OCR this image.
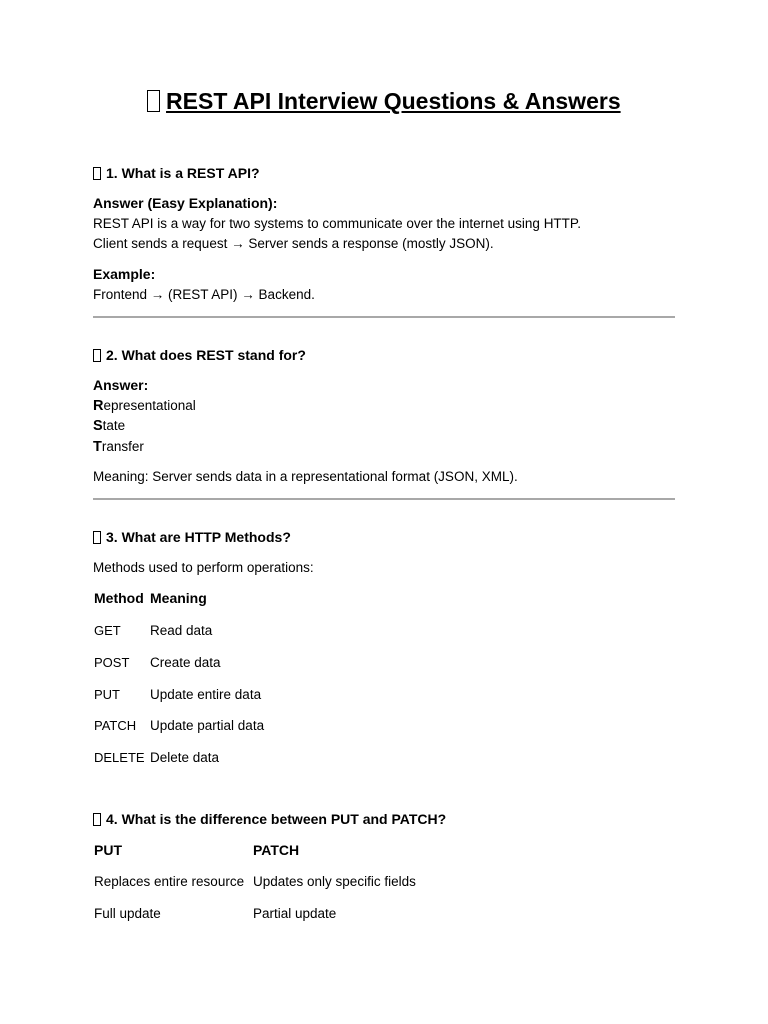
REST API Interview Questions & Answers
1. What is a REST API?
Answer (Easy Explanation):
REST API is a way for two systems to communicate over the internet using HTTP.
Client sends a request → Server sends a response (mostly JSON).
Example:
Frontend → (REST API) → Backend.
2. What does REST stand for?
Answer:
Representational
State
Transfer
Meaning: Server sends data in a representational format (JSON, XML).
3. What are HTTP Methods?
Methods used to perform operations:
Method Meaning
GET Read data
POST Create data
PUT Update entire data
PATCH Update partial data
DELETE Delete data
4. What is the difference between PUT and PATCH?
PUT	PATCH
Replaces entire resource Updates only specific fields
Full update	Partial update
